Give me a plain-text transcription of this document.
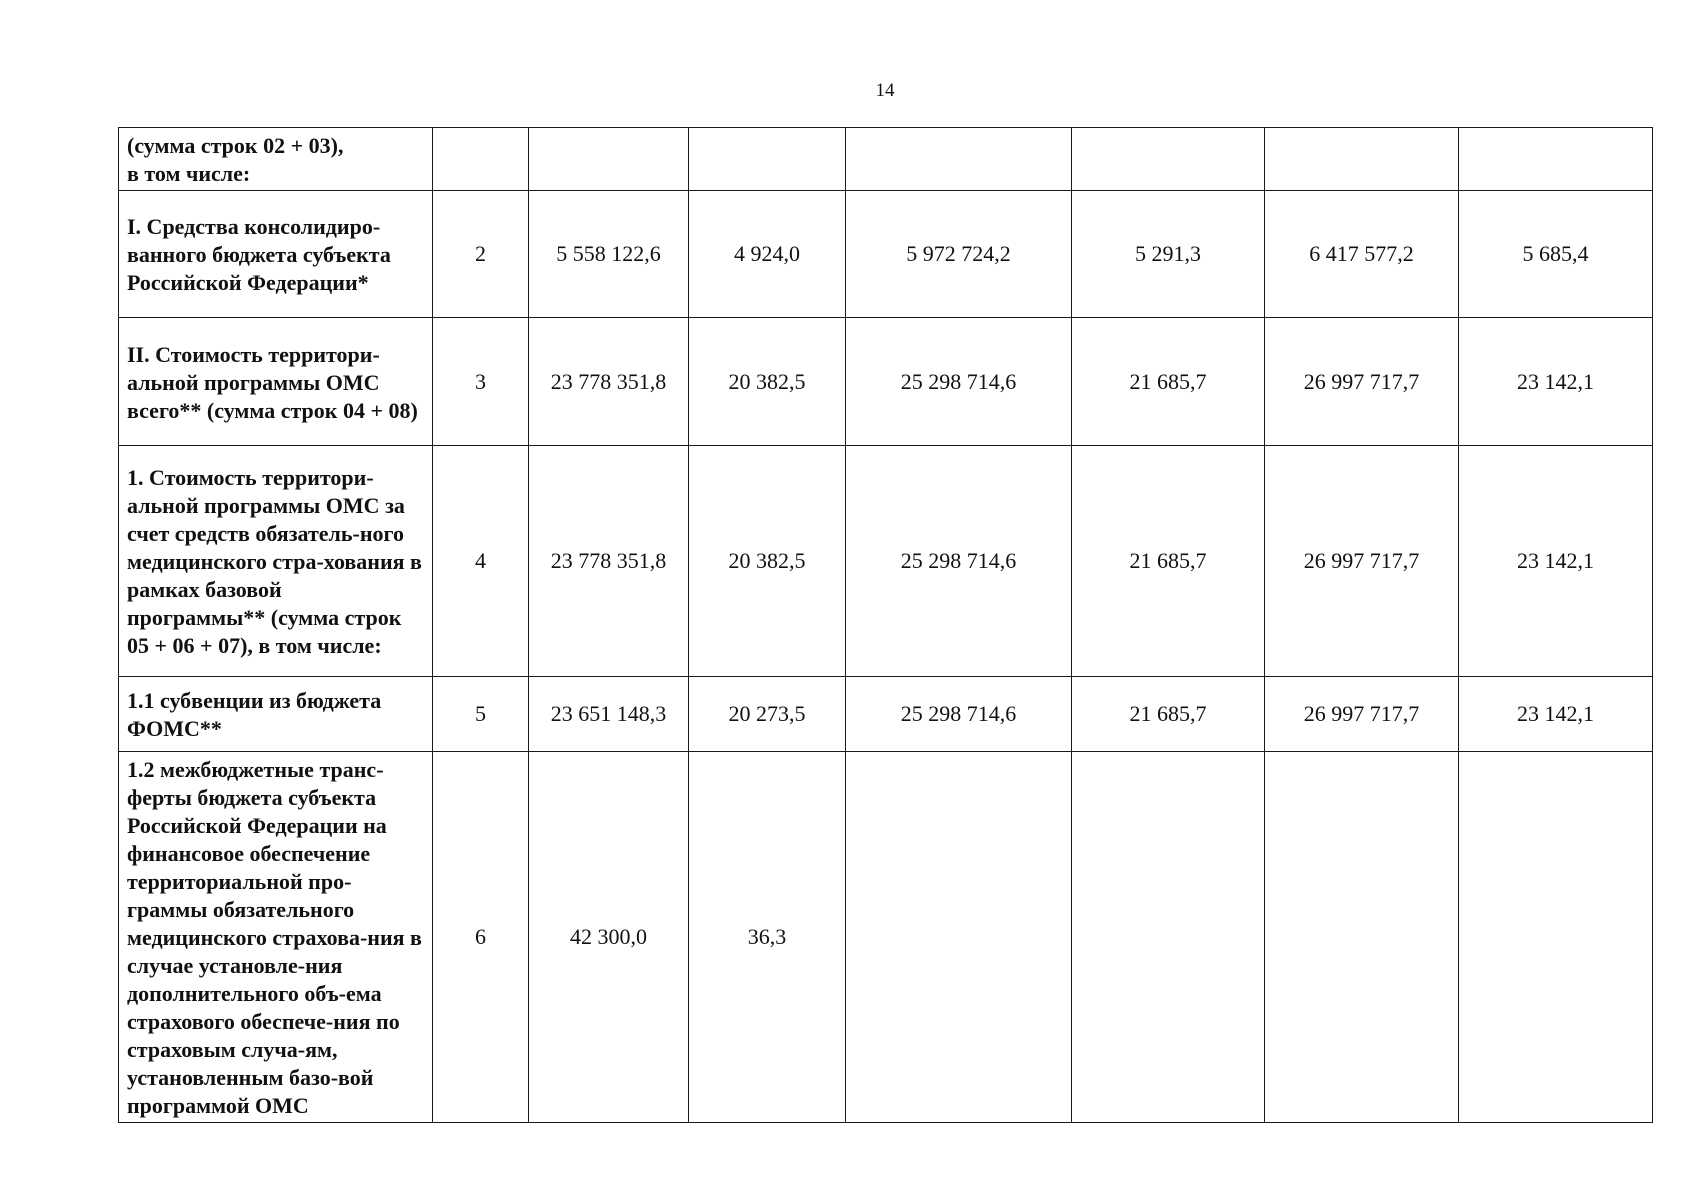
14
(сумма строк 02 + 03),
в том числе:							
I. Средства консолидиро-ванного бюджета субъекта Российской Федерации*	2	5 558 122,6	4 924,0	5 972 724,2	5 291,3	6 417 577,2	5 685,4
II. Стоимость территори-альной программы ОМС всего** (сумма строк 04 + 08)	3	23 778 351,8	20 382,5	25 298 714,6	21 685,7	26 997 717,7	23 142,1
1. Стоимость территори-альной программы ОМС за счет средств обязатель-ного медицинского стра-хования в рамках базовой программы** (сумма строк 05 + 06 + 07), в том числе:	4	23 778 351,8	20 382,5	25 298 714,6	21 685,7	26 997 717,7	23 142,1
1.1 субвенции из бюджета ФОМС**	5	23 651 148,3	20 273,5	25 298 714,6	21 685,7	26 997 717,7	23 142,1
1.2 межбюджетные транс-ферты бюджета субъекта Российской Федерации на финансовое обеспечение территориальной про-граммы обязательного медицинского страхова-ния в случае установле-ния дополнительного объ-ема страхового обеспече-ния по страховым случа-ям, установленным базо-вой программой ОМС	6	42 300,0	36,3				
